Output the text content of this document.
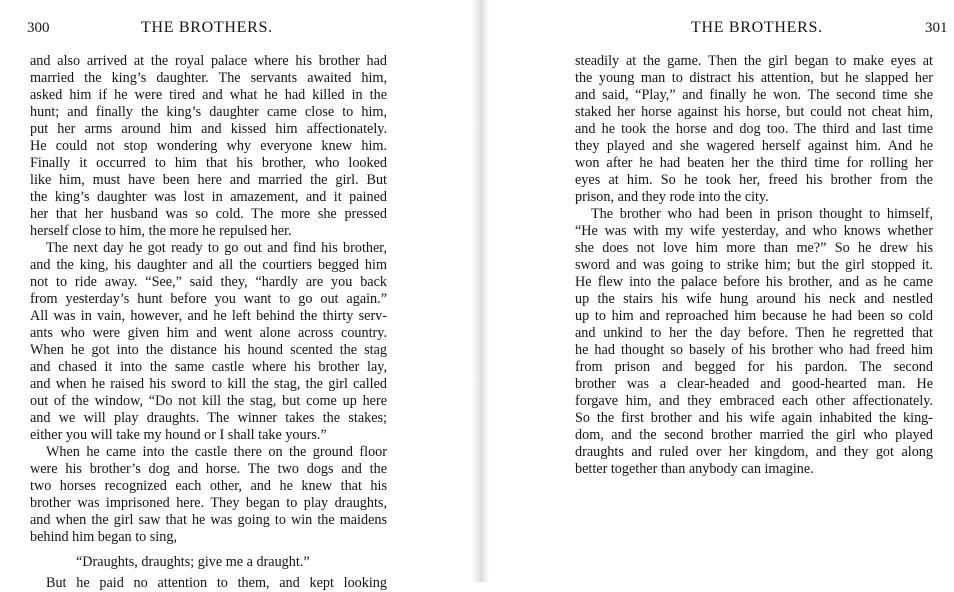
300	THE BROTHERS.
and also arrived at the royal palace where his brother had
married the king’s daughter. The servants awaited him,
asked him if he were tired and what he had killed in the
hunt; and finally the king’s daughter came close to him,
put her arms around him and kissed him affectionately.
He could not stop wondering why everyone knew him.
Finally it occurred to him that his brother, who looked
like him, must have been here and married the girl. But
the king’s daughter was lost in amazement, and it pained
her that her husband was so cold. The more she pressed
herself close to him, the more he repulsed her.
The next day he got ready to go out and find his brother,
and the king, his daughter and all the courtiers begged him
not to ride away. “See,” said they, “hardly are you back
from yesterday’s hunt before you want to go out again.”
All was in vain, however, and he left behind the thirty serv-
ants who were given him and went alone across country.
When he got into the distance his hound scented the stag
and chased it into the same castle where his brother lay,
and when he raised his sword to kill the stag, the girl called
out of the window, “Do not kill the stag, but come up here
and we will play draughts. The winner takes the stakes;
either you will take my hound or I shall take yours.”
When he came into the castle there on the ground floor
were his brother’s dog and horse. The two dogs and the
two horses recognized each other, and he knew that his
brother was imprisoned here. They began to play draughts,
and when the girl saw that he was going to win the maidens
behind him began to sing,
“Draughts, draughts; give me a draught.”
But he paid no attention to them, and kept looking
THE BROTHERS.	301
steadily at the game. Then the girl began to make eyes at
the young man to distract his attention, but he slapped her
and said, “Play,” and finally he won. The second time she
staked her horse against his horse, but could not cheat him,
and he took the horse and dog too. The third and last time
they played and she wagered herself against him. And he
won after he had beaten her the third time for rolling her
eyes at him. So he took her, freed his brother from the
prison, and they rode into the city.
The brother who had been in prison thought to himself,
“He was with my wife yesterday, and who knows whether
she does not love him more than me?” So he drew his
sword and was going to strike him; but the girl stopped it.
He flew into the palace before his brother, and as he came
up the stairs his wife hung around his neck and nestled
up to him and reproached him because he had been so cold
and unkind to her the day before. Then he regretted that
he had thought so basely of his brother who had freed him
from prison and begged for his pardon. The second
brother was a clear-headed and good-hearted man. He
forgave him, and they embraced each other affectionately.
So the first brother and his wife again inhabited the king-
dom, and the second brother married the girl who played
draughts and ruled over her kingdom, and they got along
better together than anybody can imagine.
